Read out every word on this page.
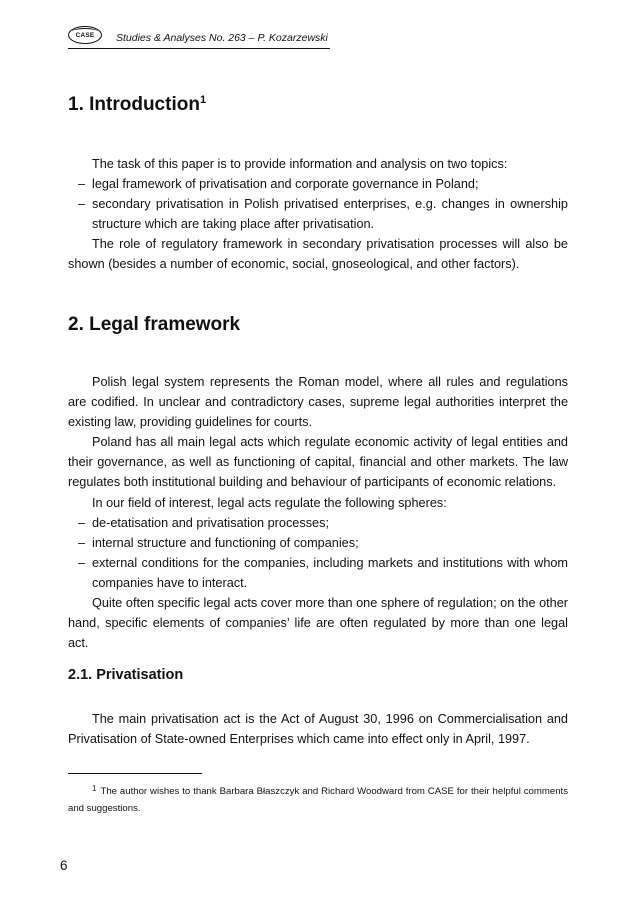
CASE Studies & Analyses No. 263 – P. Kozarzewski
1. Introduction$^1$

The task of this paper is to provide information and analysis on two topics:

– legal framework of privatisation and corporate governance in Poland;
– secondary privatisation in Polish privatised enterprises, e.g. changes in ownership structure which are taking place after privatisation.

The role of regulatory framework in secondary privatisation processes will also be shown (besides a number of economic, social, gnoseological, and other factors).

2. Legal framework

Polish legal system represents the Roman model, where all rules and regulations are codified. In unclear and contradictory cases, supreme legal authorities interpret the existing law, providing guidelines for courts.

Poland has all main legal acts which regulate economic activity of legal entities and their governance, as well as functioning of capital, financial and other markets. The law regulates both institutional building and behaviour of participants of economic relations.

In our field of interest, legal acts regulate the following spheres:

– de-etatisation and privatisation processes;
– internal structure and functioning of companies;
– external conditions for the companies, including markets and institutions with whom companies have to interact.

Quite often specific legal acts cover more than one sphere of regulation; on the other hand, specific elements of companies’ life are often regulated by more than one legal act.

2.1. Privatisation

The main privatisation act is the Act of August 30, 1996 on Commercialisation and Privatisation of State-owned Enterprises which came into effect only in April, 1997.

$^1$ The author wishes to thank Barbara Błaszczyk and Richard Woodward from CASE for their helpful comments and suggestions.
6
